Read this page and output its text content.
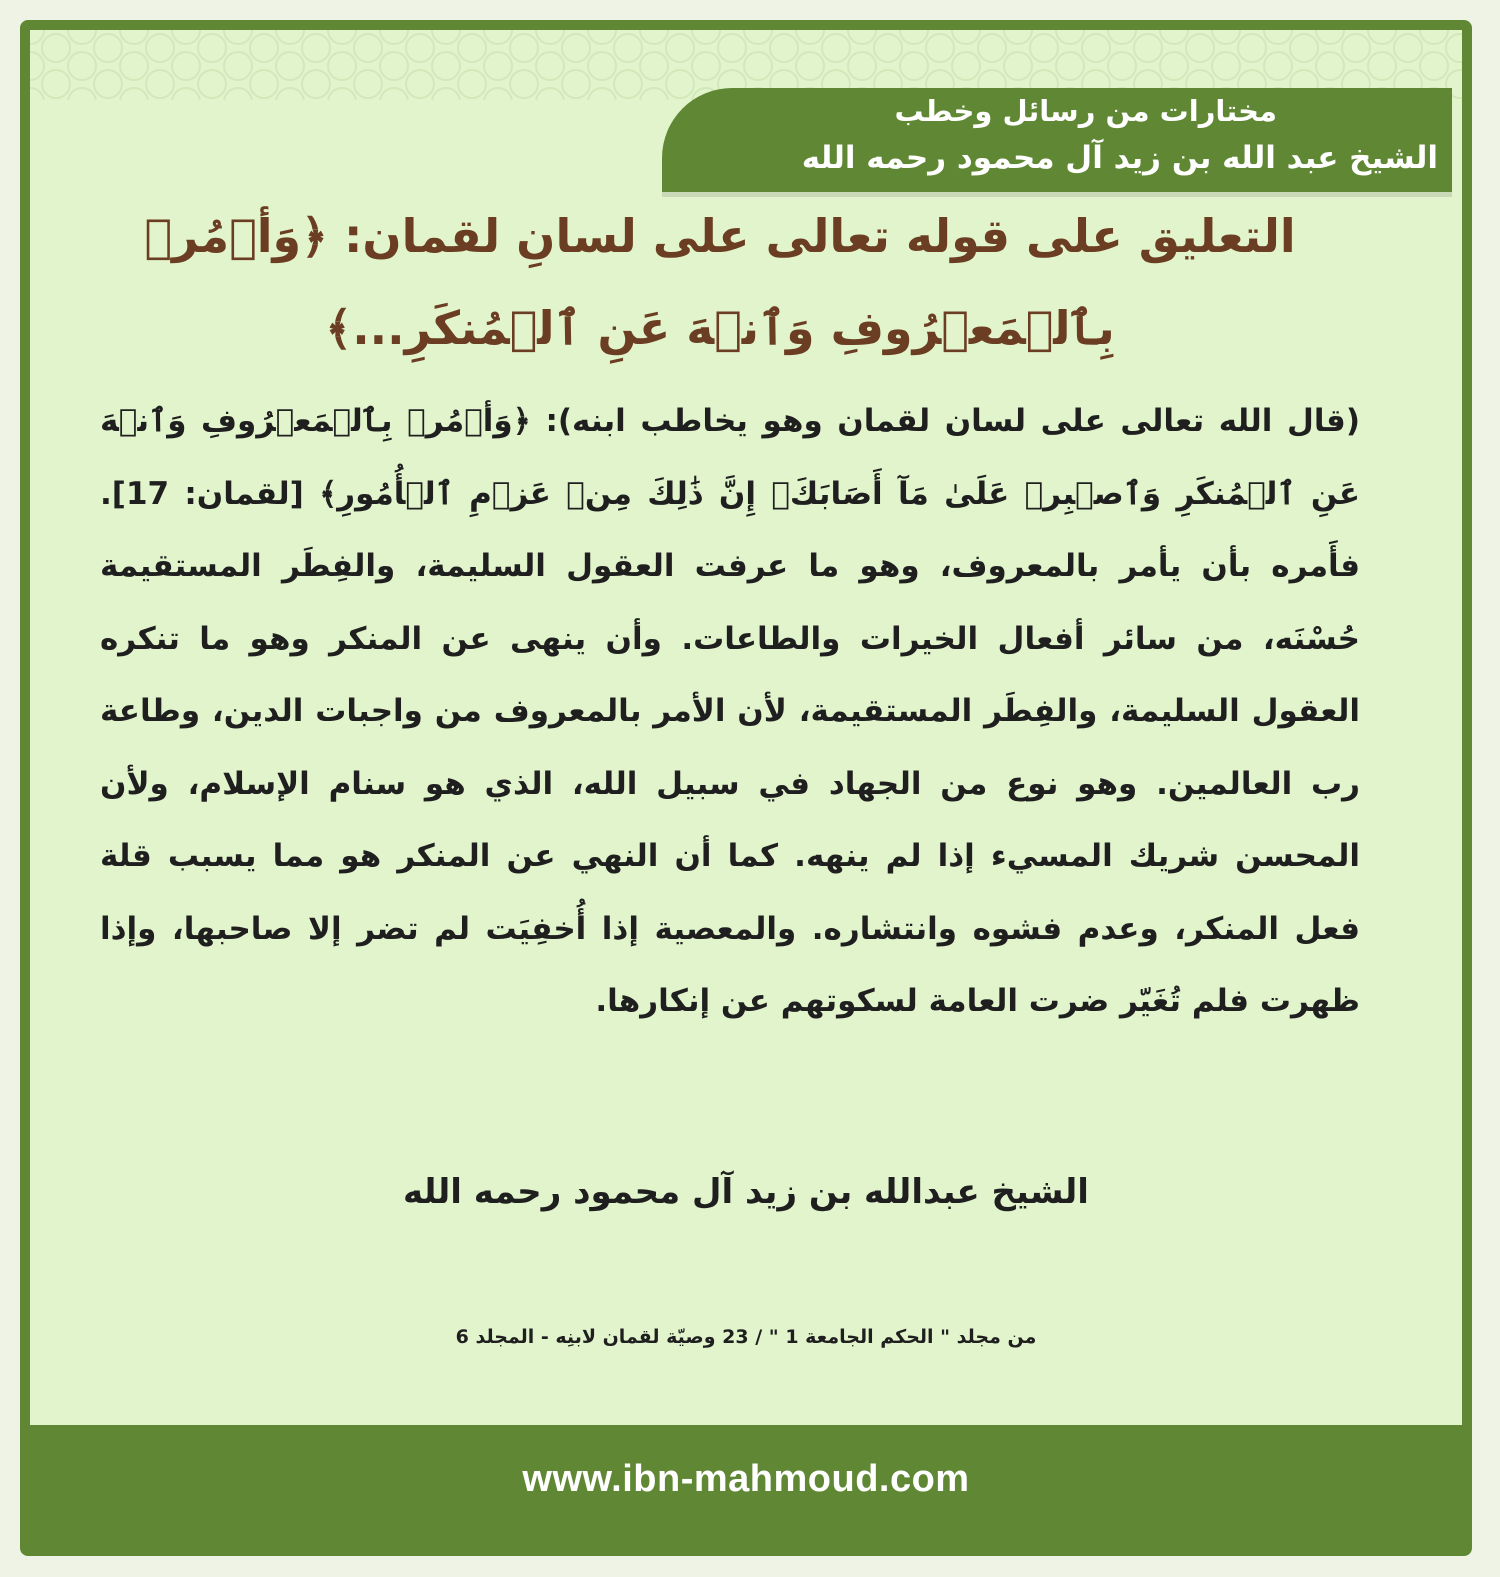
مختارات من رسائل وخطب
الشيخ عبد الله بن زيد آل محمود رحمه الله
التعليق على قوله تعالى على لسانِ لقمان: ﴿وَأۡمُرۡ بِٱلۡمَعۡرُوفِ وَٱنۡهَ عَنِ ٱلۡمُنكَرِ...﴾
(قال الله تعالى على لسان لقمان وهو يخاطب ابنه): ﴿وَأۡمُرۡ بِٱلۡمَعۡرُوفِ وَٱنۡهَ عَنِ ٱلۡمُنكَرِ وَٱصۡبِرۡ عَلَىٰ مَآ أَصَابَكَۖ إِنَّ ذَٰلِكَ مِنۡ عَزۡمِ ٱلۡأُمُورِ﴾ [لقمان: 17]. فأَمره بأن يأمر بالمعروف، وهو ما عرفت العقول السليمة، والفِطَر المستقيمة حُسْنَه، من سائر أفعال الخيرات والطاعات. وأن ينهى عن المنكر وهو ما تنكره العقول السليمة، والفِطَر المستقيمة، لأن الأمر بالمعروف من واجبات الدين، وطاعة رب العالمين. وهو نوع من الجهاد في سبيل الله، الذي هو سنام الإسلام، ولأن المحسن شريك المسيء إذا لم ينهه. كما أن النهي عن المنكر هو مما يسبب قلة فعل المنكر، وعدم فشوه وانتشاره. والمعصية إذا أُخفِيَت لم تضر إلا صاحبها، وإذا ظهرت فلم تُغَيّر ضرت العامة لسكوتهم عن إنكارها.
الشيخ عبدالله بن زيد آل محمود رحمه الله
من مجلد " الحكم الجامعة 1 " / 23 وصيّة لقمان لابنِه - المجلد 6
www.ibn-mahmoud.com
